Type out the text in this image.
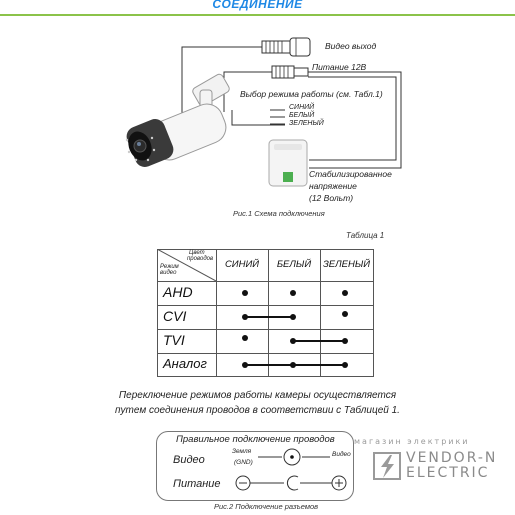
СОЕДИНЕНИЕ
Видео выход
Питание 12В
Выбор режима работы (см. Табл.1)
СИНИЙ
БЕЛЫЙ
ЗЕЛЕНЫЙ
Стабилизированное
напряжение
(12 Вольт)
Рис.1 Схема подключения
Таблица 1
Цвет
проводов
Режим
видео
СИНИЙ	БЕЛЫЙ	ЗЕЛЕНЫЙ
AHD
CVI
TVI
Аналог
Переключение режимов работы камеры осуществляется
путем соединения проводов в соответствии с Таблицей 1.
Правильное подключение проводов
Видео
Земля
(GND)
Видео
Питание
Рис.2 Подключение разъемов
магазин электрики
VENDOR-N
ELECTRIC
